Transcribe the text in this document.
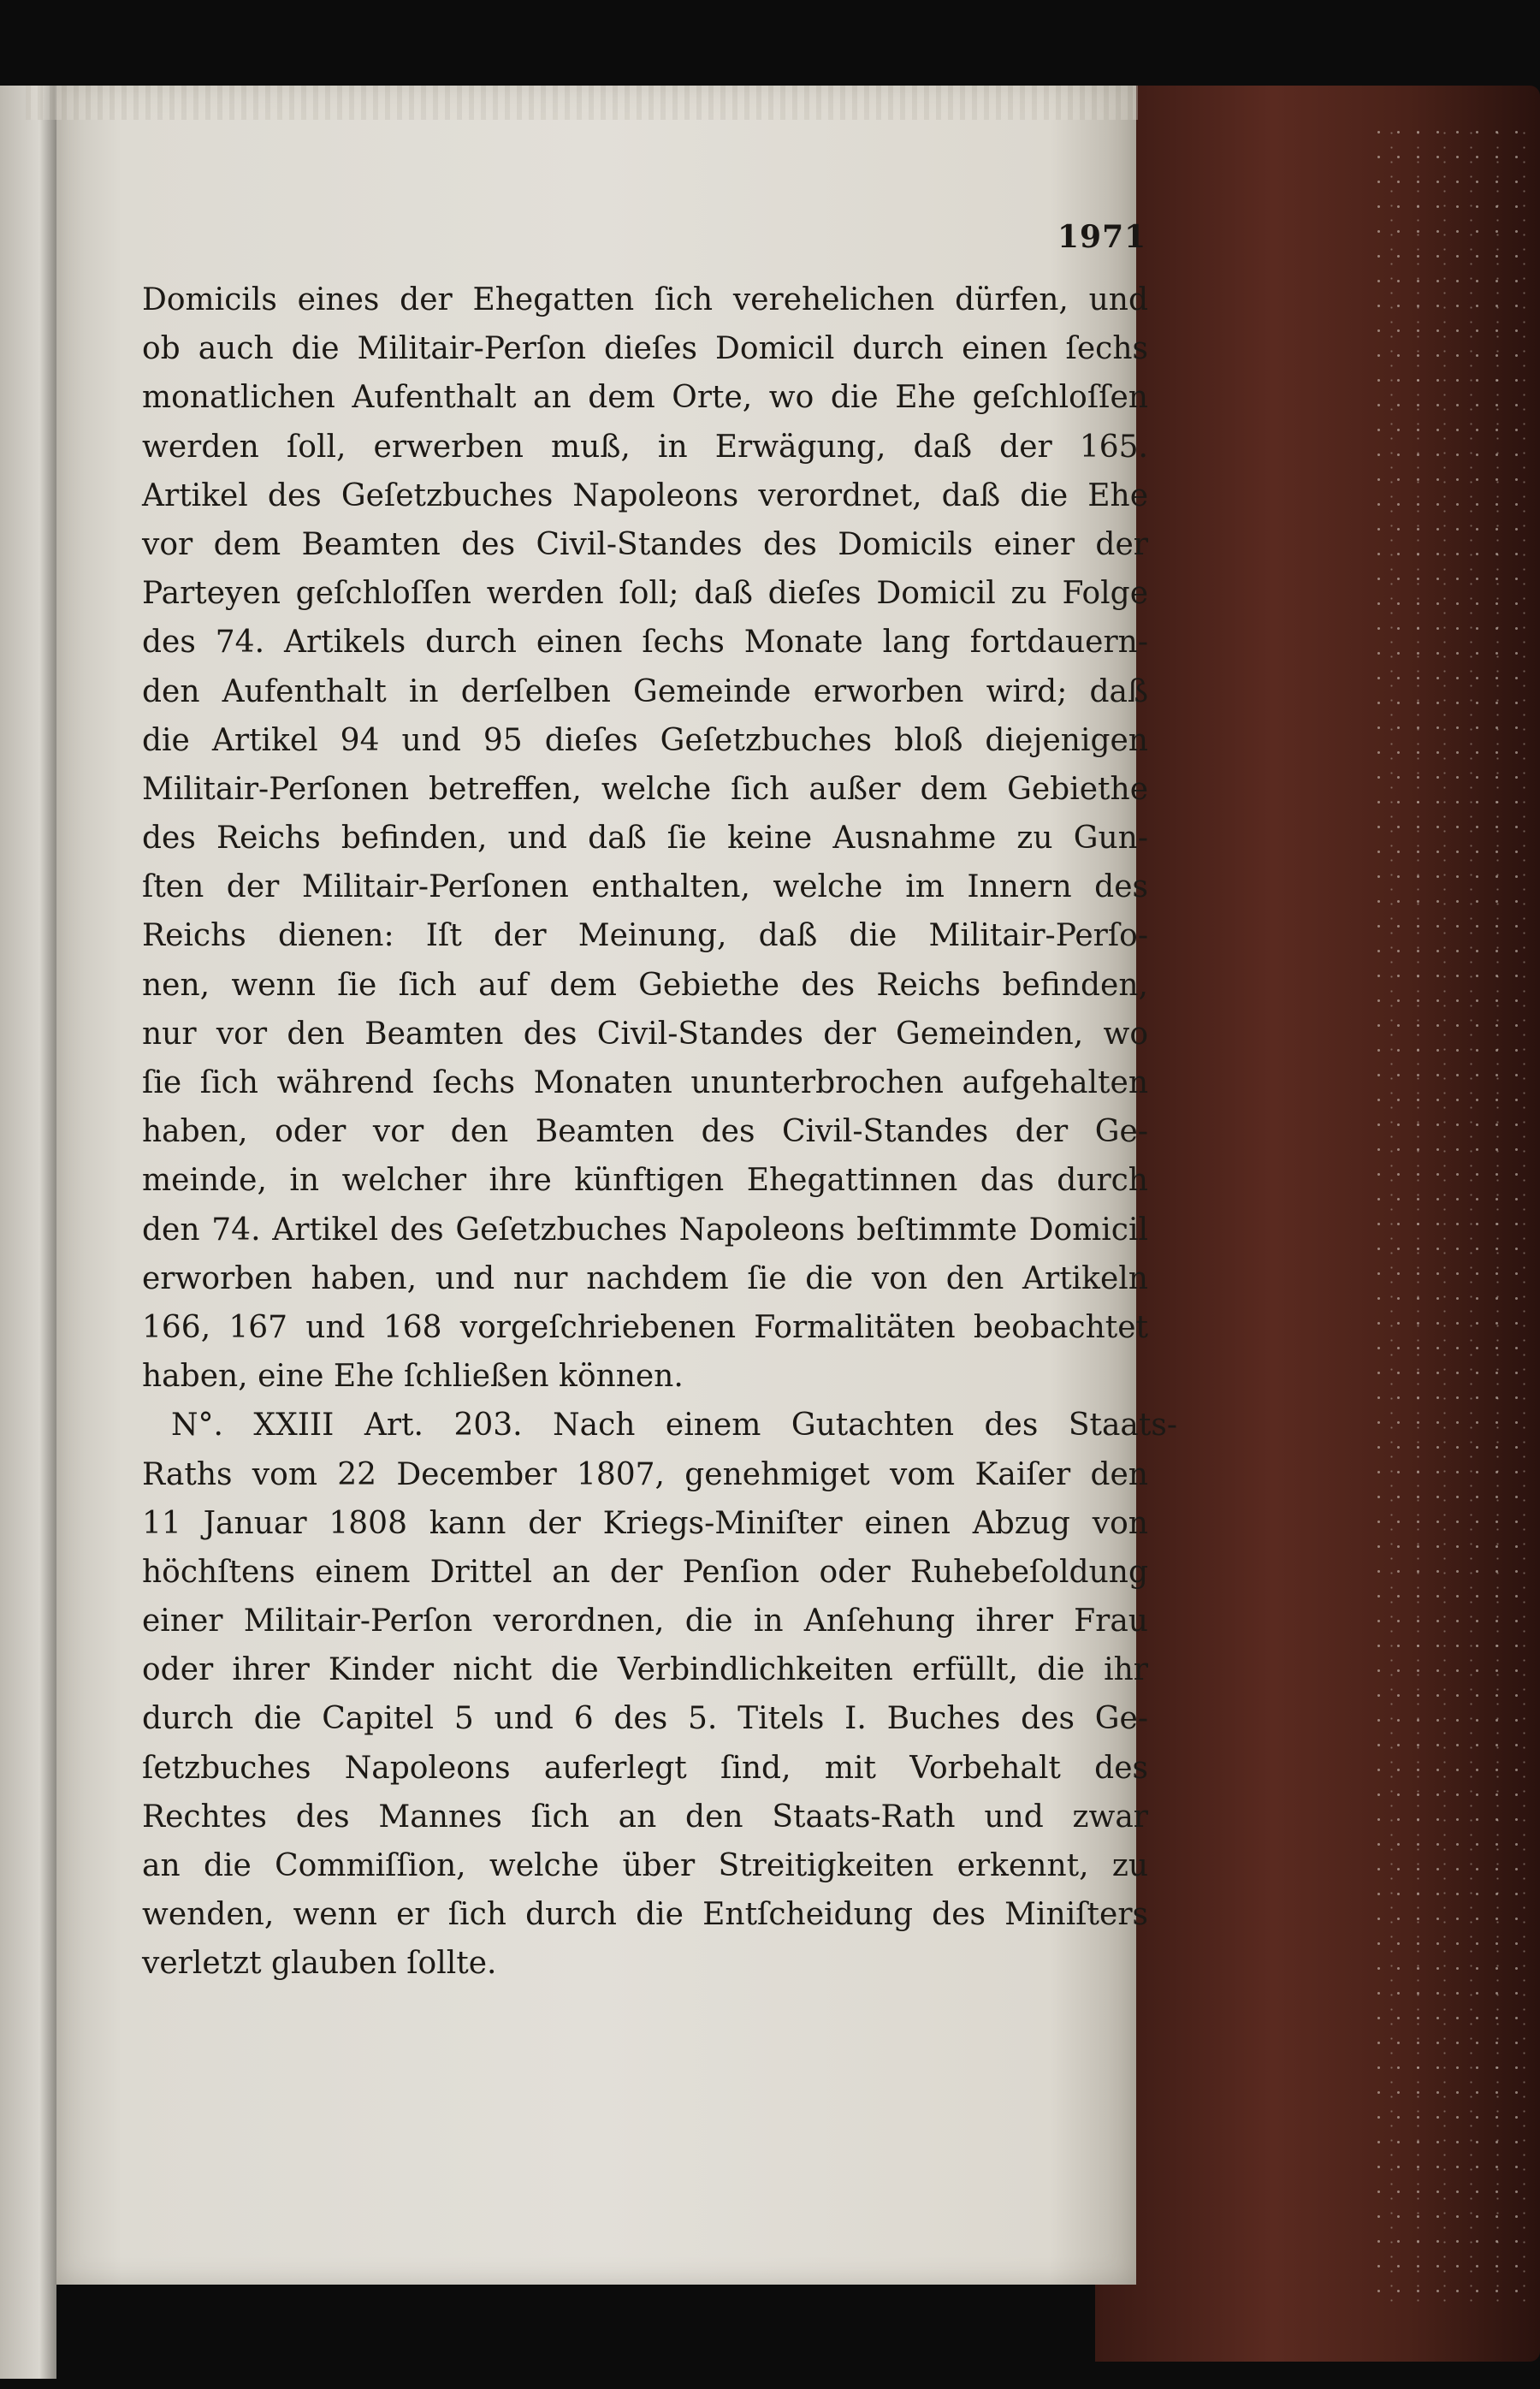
1971
Domicils eines der Ehegatten ſich verehelichen dürfen, und
ob auch die Militair-Perſon dieſes Domicil durch einen ſechs
monatlichen Aufenthalt an dem Orte, wo die Ehe geſchloſſen
werden ſoll, erwerben muß, in Erwägung, daß der 165.
Artikel des Geſetzbuches Napoleons verordnet, daß die Ehe
vor dem Beamten des Civil-Standes des Domicils einer der
Parteyen geſchloſſen werden ſoll; daß dieſes Domicil zu Folge
des 74. Artikels durch einen ſechs Monate lang fortdauern-
den Aufenthalt in derſelben Gemeinde erworben wird; daß
die Artikel 94 und 95 dieſes Geſetzbuches bloß diejenigen
Militair-Perſonen betreffen, welche ſich außer dem Gebiethe
des Reichs befinden, und daß ſie keine Ausnahme zu Gun-
ſten der Militair-Perſonen enthalten, welche im Innern des
Reichs dienen: Iſt der Meinung, daß die Militair-Perſo-
nen, wenn ſie ſich auf dem Gebiethe des Reichs befinden,
nur vor den Beamten des Civil-Standes der Gemeinden, wo
ſie ſich während ſechs Monaten ununterbrochen aufgehalten
haben, oder vor den Beamten des Civil-Standes der Ge-
meinde, in welcher ihre künftigen Ehegattinnen das durch
den 74. Artikel des Geſetzbuches Napoleons beſtimmte Domicil
erworben haben, und nur nachdem ſie die von den Artikeln
166, 167 und 168 vorgeſchriebenen Formalitäten beobachtet
haben, eine Ehe ſchließen können.
N°. XXIII Art. 203. Nach einem Gutachten des Staats-
Raths vom 22 December 1807, genehmiget vom Kaiſer den
11 Januar 1808 kann der Kriegs-Miniſter einen Abzug von
höchſtens einem Drittel an der Penſion oder Ruhebeſoldung
einer Militair-Perſon verordnen, die in Anſehung ihrer Frau
oder ihrer Kinder nicht die Verbindlichkeiten erfüllt, die ihr
durch die Capitel 5 und 6 des 5. Titels I. Buches des Ge-
ſetzbuches Napoleons auferlegt ſind, mit Vorbehalt des
Rechtes des Mannes ſich an den Staats-Rath und zwar
an die Commiſſion, welche über Streitigkeiten erkennt, zu
wenden, wenn er ſich durch die Entſcheidung des Miniſters
verletzt glauben ſollte.
